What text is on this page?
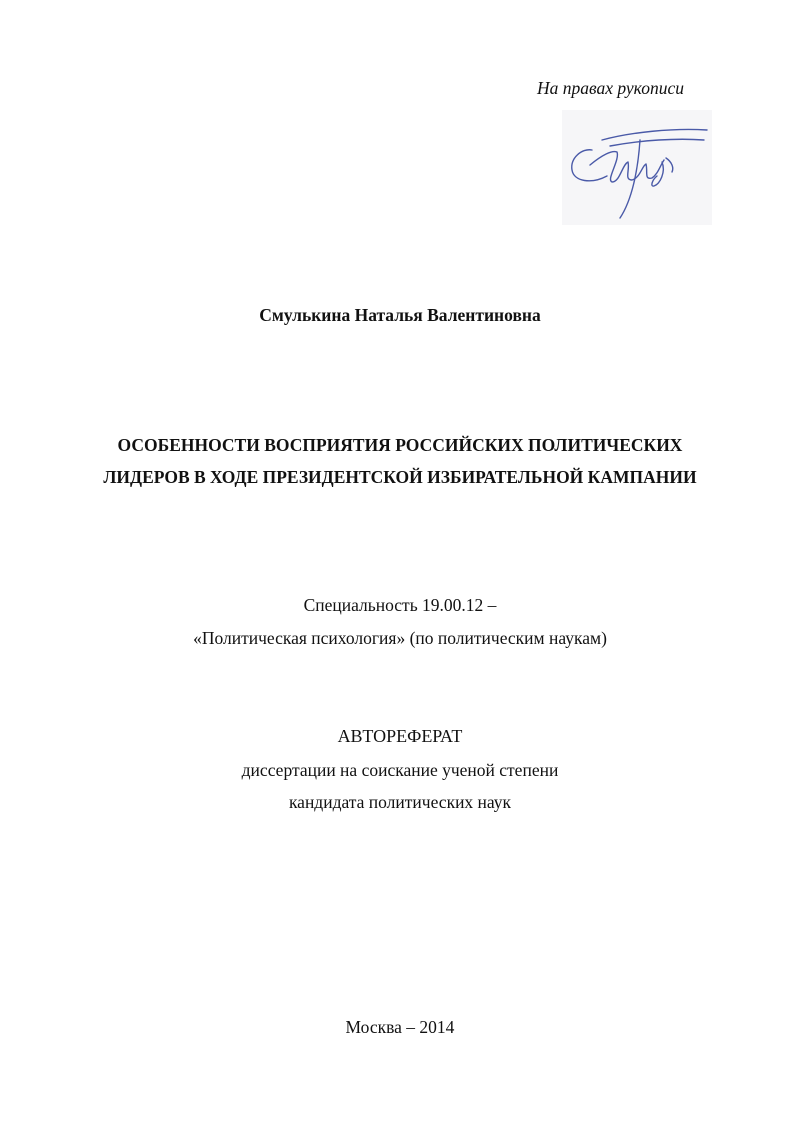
На правах рукописи
Смулькина Наталья Валентиновна
ОСОБЕННОСТИ ВОСПРИЯТИЯ РОССИЙСКИХ ПОЛИТИЧЕСКИХ
ЛИДЕРОВ В ХОДЕ ПРЕЗИДЕНТСКОЙ ИЗБИРАТЕЛЬНОЙ КАМПАНИИ
Специальность 19.00.12 –
«Политическая психология» (по политическим наукам)
АВТОРЕФЕРАТ
диссертации на соискание ученой степени
кандидата политических наук
Москва – 2014
